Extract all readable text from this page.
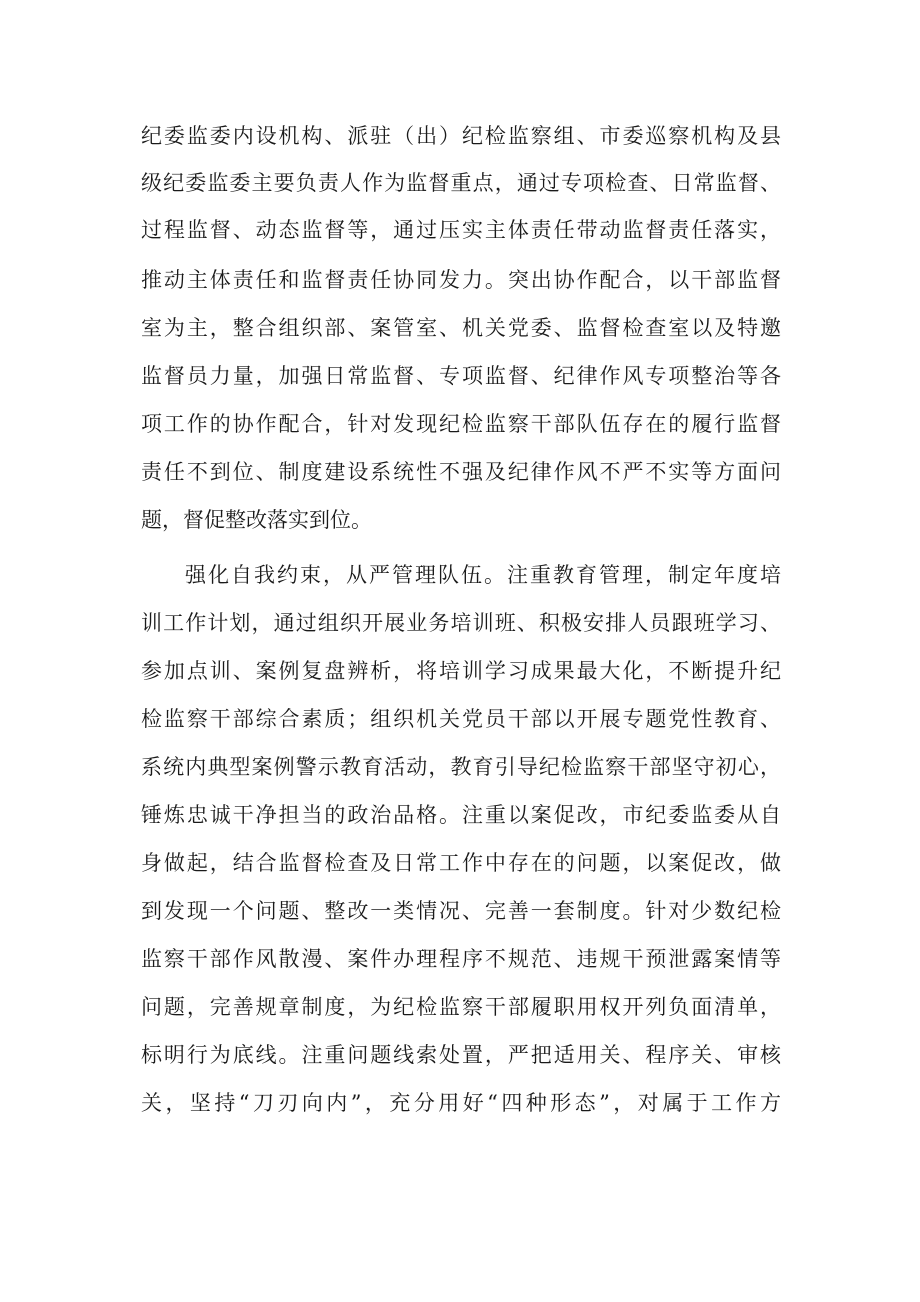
纪委监委内设机构、派驻（出）纪检监察组、市委巡察机构及县
级纪委监委主要负责人作为监督重点，通过专项检查、日常监督、
过程监督、动态监督等，通过压实主体责任带动监督责任落实，
推动主体责任和监督责任协同发力。突出协作配合，以干部监督
室为主，整合组织部、案管室、机关党委、监督检查室以及特邀
监督员力量，加强日常监督、专项监督、纪律作风专项整治等各
项工作的协作配合，针对发现纪检监察干部队伍存在的履行监督
责任不到位、制度建设系统性不强及纪律作风不严不实等方面问
题，督促整改落实到位。
强化自我约束，从严管理队伍。注重教育管理，制定年度培
训工作计划，通过组织开展业务培训班、积极安排人员跟班学习、
参加点训、案例复盘辨析，将培训学习成果最大化，不断提升纪
检监察干部综合素质；组织机关党员干部以开展专题党性教育、
系统内典型案例警示教育活动，教育引导纪检监察干部坚守初心，
锤炼忠诚干净担当的政治品格。注重以案促改，市纪委监委从自
身做起，结合监督检查及日常工作中存在的问题，以案促改，做
到发现一个问题、整改一类情况、完善一套制度。针对少数纪检
监察干部作风散漫、案件办理程序不规范、违规干预泄露案情等
问题，完善规章制度，为纪检监察干部履职用权开列负面清单，
标明行为底线。注重问题线索处置，严把适用关、程序关、审核
关，坚持“刀刃向内”，充分用好“四种形态”，对属于工作方
